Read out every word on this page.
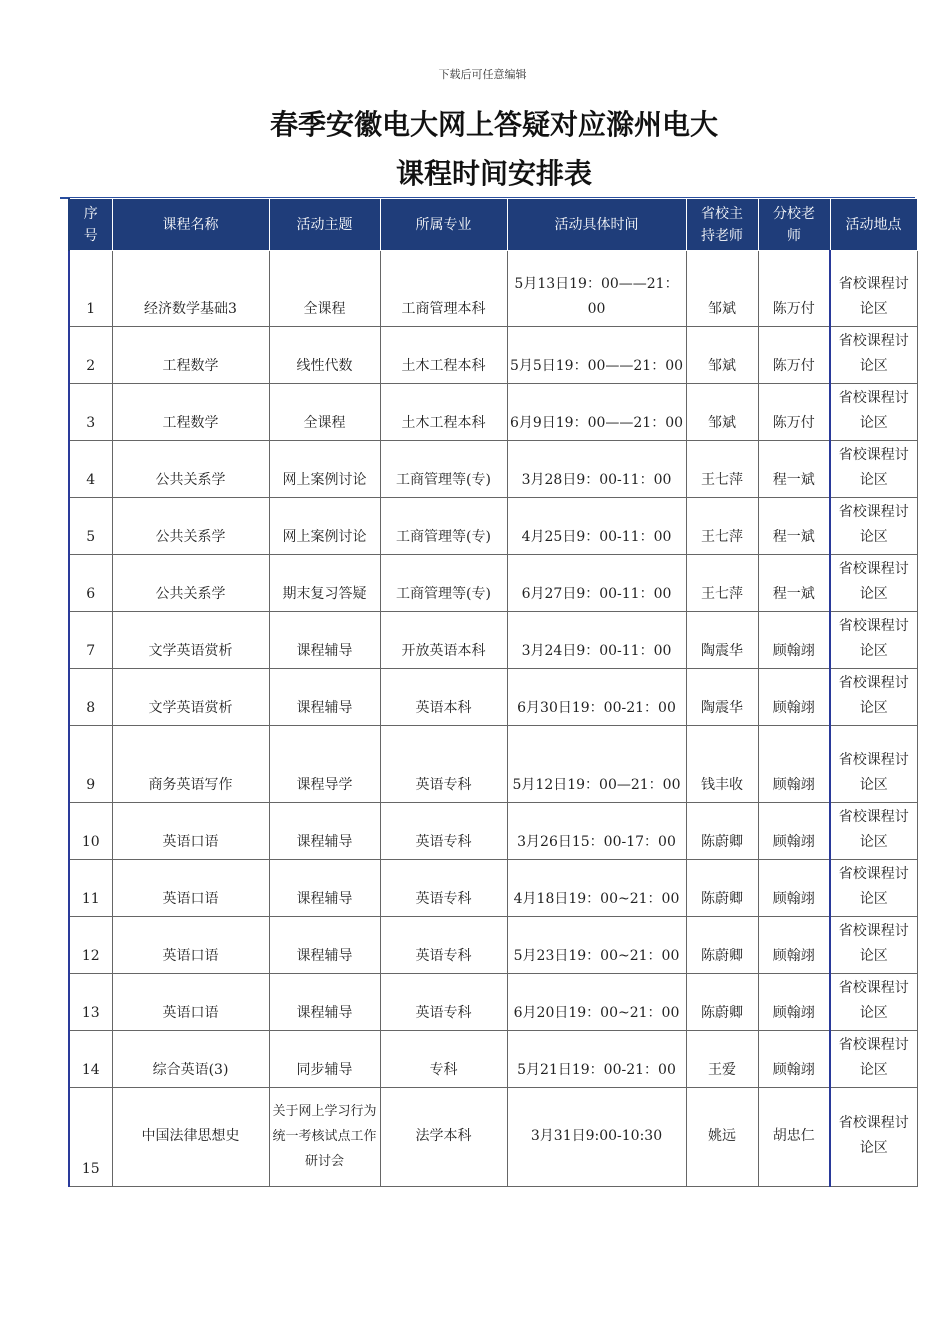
下载后可任意编辑
春季安徽电大网上答疑对应滁州电大
课程时间安排表
序号	课程名称	活动主题	所属专业	活动具体时间	省校主持老师	分校老师	活动地点
1	经济数学基础3	全课程	工商管理本科	5月13日19：00——21：00	邹斌	陈万付	省校课程讨论区
2	工程数学	线性代数	土木工程本科	5月5日19：00——21：00	邹斌	陈万付	省校课程讨论区
3	工程数学	全课程	土木工程本科	6月9日19：00——21：00	邹斌	陈万付	省校课程讨论区
4	公共关系学	网上案例讨论	工商管理等(专)	3月28日9：00-11：00	王七萍	程一斌	省校课程讨论区
5	公共关系学	网上案例讨论	工商管理等(专)	4月25日9：00-11：00	王七萍	程一斌	省校课程讨论区
6	公共关系学	期末复习答疑	工商管理等(专)	6月27日9：00-11：00	王七萍	程一斌	省校课程讨论区
7	文学英语赏析	课程辅导	开放英语本科	3月24日9：00-11：00	陶震华	顾翰翊	省校课程讨论区
8	文学英语赏析	课程辅导	英语本科	6月30日19：00-21：00	陶震华	顾翰翊	省校课程讨论区
9	商务英语写作	课程导学	英语专科	5月12日19：00—21：00	钱丰收	顾翰翊	省校课程讨论区
10	英语口语	课程辅导	英语专科	3月26日15：00-17：00	陈蔚卿	顾翰翊	省校课程讨论区
11	英语口语	课程辅导	英语专科	4月18日19：00~21：00	陈蔚卿	顾翰翊	省校课程讨论区
12	英语口语	课程辅导	英语专科	5月23日19：00~21：00	陈蔚卿	顾翰翊	省校课程讨论区
13	英语口语	课程辅导	英语专科	6月20日19：00~21：00	陈蔚卿	顾翰翊	省校课程讨论区
14	综合英语(3)	同步辅导	专科	5月21日19：00-21：00	王爱	顾翰翊	省校课程讨论区
15	中国法律思想史	关于网上学习行为统一考核试点工作研讨会	法学本科	3月31日9:00-10:30	姚远	胡忠仁	省校课程讨论区
